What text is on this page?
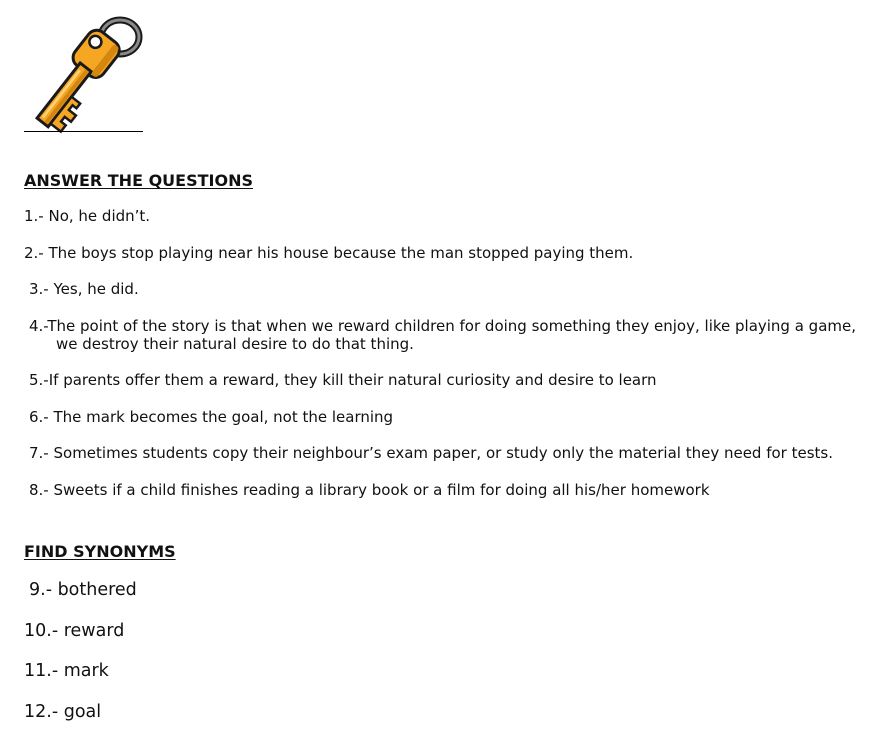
ANSWER THE QUESTIONS

1.- No, he didn’t.

2.- The boys stop playing near his house because the man stopped paying them.

3.- Yes, he did.

4.-The point of the story is that when we reward children for doing something they enjoy, like playing a game,
we destroy their natural desire to do that thing.

5.-If parents offer them a reward, they kill their natural curiosity and desire to learn

6.- The mark becomes the goal, not the learning

7.- Sometimes students copy their neighbour’s exam paper, or study only the material they need for tests.

8.- Sweets if a child finishes reading a library book or a film for doing all his/her homework

FIND SYNONYMS

9.- bothered

10.- reward

11.- mark

12.- goal
